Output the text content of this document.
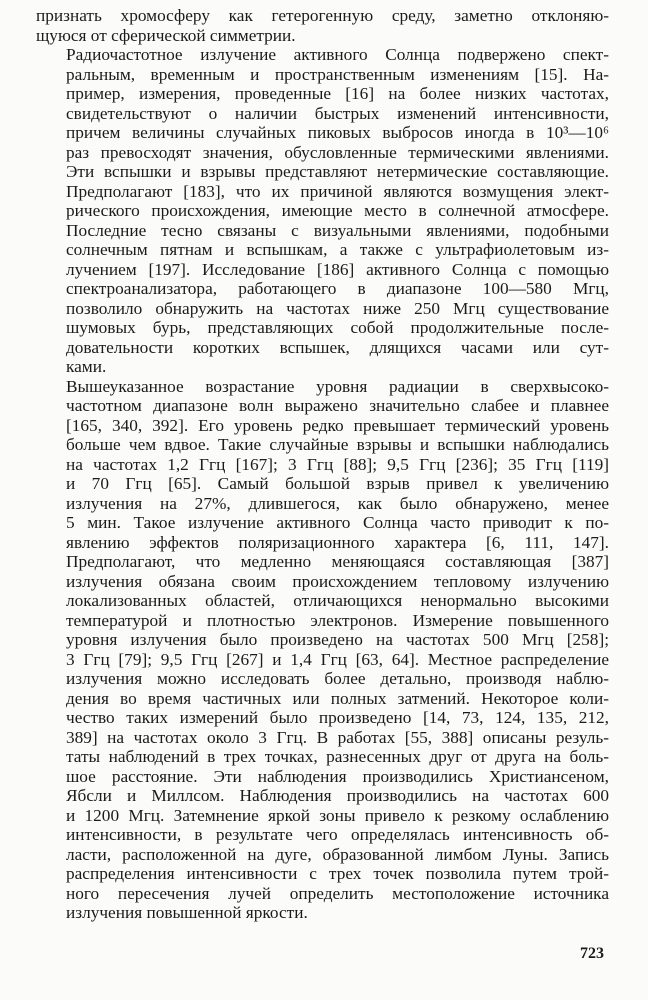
признать хромосферу как гетерогенную среду, заметно отклоняю-
щуюся от сферической симметрии.
Радиочастотное излучение активного Солнца подвержено спект-
ральным, временным и пространственным изменениям [15]. На-
пример, измерения, проведенные [16] на более низких частотах,
свидетельствуют о наличии быстрых изменений интенсивности,
причем величины случайных пиковых выбросов иногда в 10³—10⁶
раз превосходят значения, обусловленные термическими явлениями.
Эти вспышки и взрывы представляют нетермические составляющие.
Предполагают [183], что их причиной являются возмущения элект-
рического происхождения, имеющие место в солнечной атмосфере.
Последние тесно связаны с визуальными явлениями, подобными
солнечным пятнам и вспышкам, а также с ультрафиолетовым из-
лучением [197]. Исследование [186] активного Солнца с помощью
спектроанализатора, работающего в диапазоне 100—580 Мгц,
позволило обнаружить на частотах ниже 250 Мгц существование
шумовых бурь, представляющих собой продолжительные после-
довательности коротких вспышек, длящихся часами или сут-
ками.
Вышеуказанное возрастание уровня радиации в сверхвысоко-
частотном диапазоне волн выражено значительно слабее и плавнее
[165, 340, 392]. Его уровень редко превышает термический уровень
больше чем вдвое. Такие случайные взрывы и вспышки наблюдались
на частотах 1,2 Ггц [167]; 3 Ггц [88]; 9,5 Ггц [236]; 35 Ггц [119]
и 70 Ггц [65]. Самый большой взрыв привел к увеличению
излучения на 27%, длившегося, как было обнаружено, менее
5 мин. Такое излучение активного Солнца часто приводит к по-
явлению эффектов поляризационного характера [6, 111, 147].
Предполагают, что медленно меняющаяся составляющая [387]
излучения обязана своим происхождением тепловому излучению
локализованных областей, отличающихся ненормально высокими
температурой и плотностью электронов. Измерение повышенного
уровня излучения было произведено на частотах 500 Мгц [258];
3 Ггц [79]; 9,5 Ггц [267] и 1,4 Ггц [63, 64]. Местное распределение
излучения можно исследовать более детально, производя наблю-
дения во время частичных или полных затмений. Некоторое коли-
чество таких измерений было произведено [14, 73, 124, 135, 212,
389] на частотах около 3 Ггц. В работах [55, 388] описаны резуль-
таты наблюдений в трех точках, разнесенных друг от друга на боль-
шое расстояние. Эти наблюдения производились Христиансеном,
Ябсли и Миллсом. Наблюдения производились на частотах 600
и 1200 Мгц. Затемнение яркой зоны привело к резкому ослаблению
интенсивности, в результате чего определялась интенсивность об-
ласти, расположенной на дуге, образованной лимбом Луны. Запись
распределения интенсивности с трех точек позволила путем трой-
ного пересечения лучей определить местоположение источника
излучения повышенной яркости.
723
